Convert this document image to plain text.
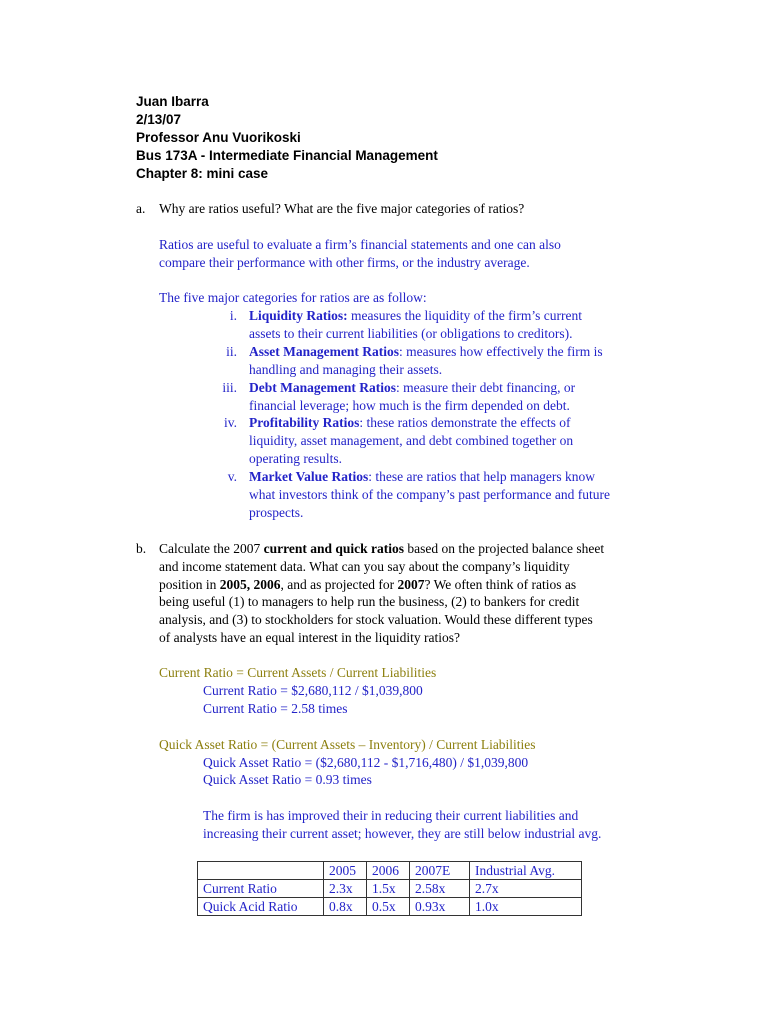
Juan Ibarra
2/13/07
Professor Anu Vuorikoski
Bus 173A - Intermediate Financial Management
Chapter 8: mini case
a. Why are ratios useful? What are the five major categories of ratios?
Ratios are useful to evaluate a firm’s financial statements and one can also
compare their performance with other firms, or the industry average.
The five major categories for ratios are as follow:
i. Liquidity Ratios: measures the liquidity of the firm’s current
assets to their current liabilities (or obligations to creditors).
ii. Asset Management Ratios: measures how effectively the firm is
handling and managing their assets.
iii. Debt Management Ratios: measure their debt financing, or
financial leverage; how much is the firm depended on debt.
iv. Profitability Ratios: these ratios demonstrate the effects of
liquidity, asset management, and debt combined together on
operating results.
v. Market Value Ratios: these are ratios that help managers know
what investors think of the company’s past performance and future
prospects.
b. Calculate the 2007 current and quick ratios based on the projected balance sheet
and income statement data. What can you say about the company’s liquidity
position in 2005, 2006, and as projected for 2007? We often think of ratios as
being useful (1) to managers to help run the business, (2) to bankers for credit
analysis, and (3) to stockholders for stock valuation. Would these different types
of analysts have an equal interest in the liquidity ratios?
Current Ratio = Current Assets / Current Liabilities
Current Ratio = $2,680,112 / $1,039,800
Current Ratio = 2.58 times
Quick Asset Ratio = (Current Assets – Inventory) / Current Liabilities
Quick Asset Ratio = ($2,680,112 - $1,716,480) / $1,039,800
Quick Asset Ratio = 0.93 times
The firm is has improved their in reducing their current liabilities and
increasing their current asset; however, they are still below industrial avg.
	2005	2006	2007E	Industrial Avg.
Current Ratio	2.3x	1.5x	2.58x	2.7x
Quick Acid Ratio	0.8x	0.5x	0.93x	1.0x
